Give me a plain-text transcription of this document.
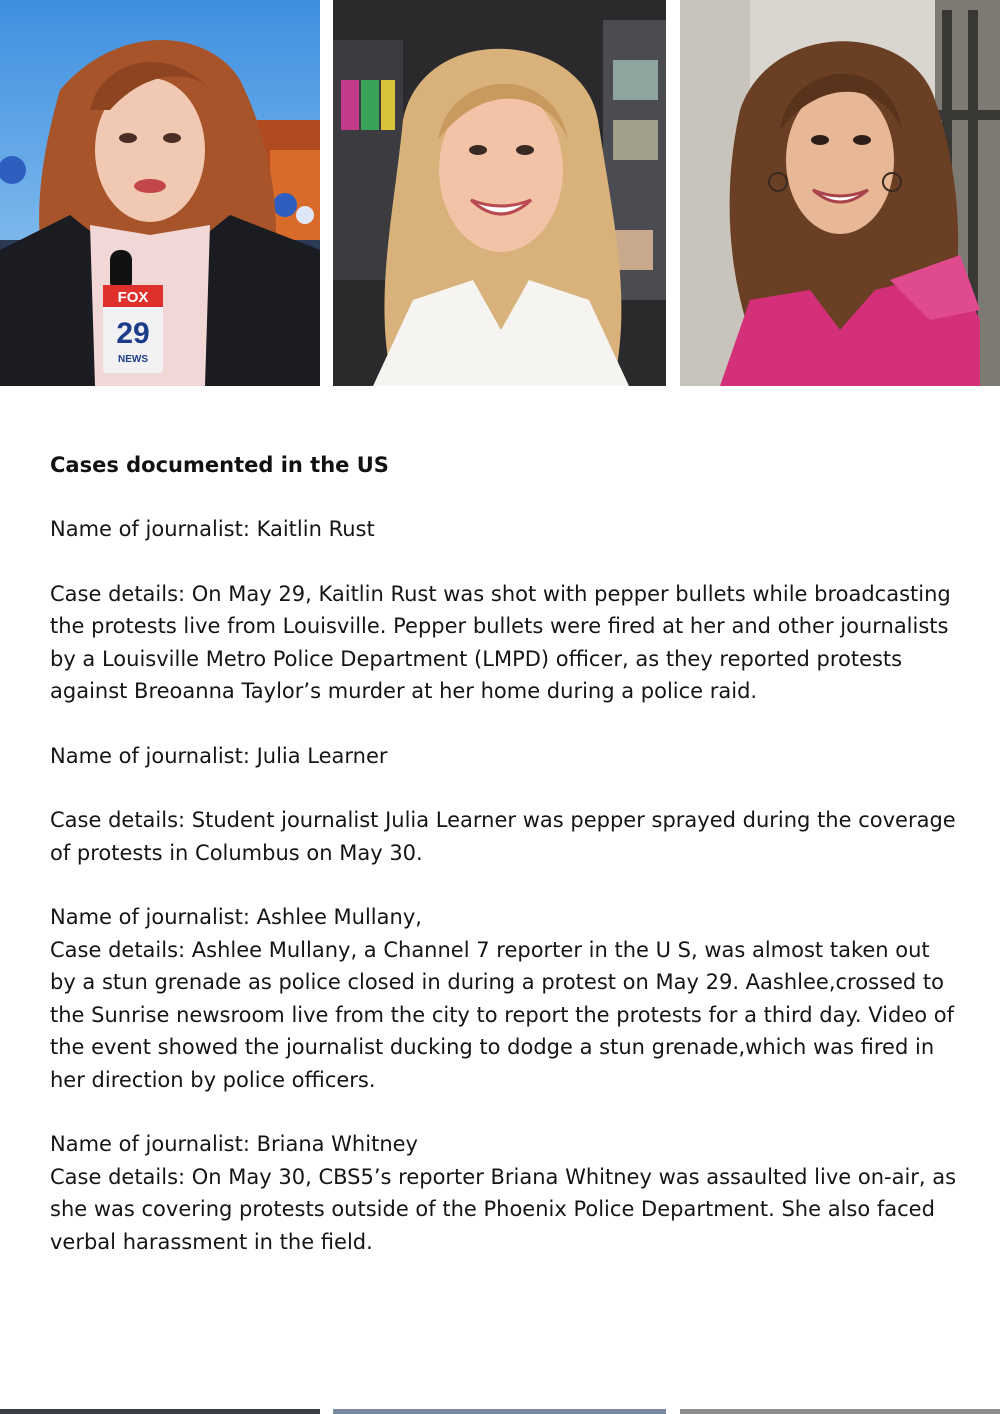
FOX
29
NEWS
Cases documented in the US

Name of journalist: Kaitlin Rust

Case details: On May 29, Kaitlin Rust was shot with pepper bullets while broadcasting the protests live from Louisville. Pepper bullets were fired at her and other journalists by a Louisville Metro Police Department (LMPD) officer, as they reported protests against Breoanna Taylor’s murder at her home during a police raid.

Name of journalist: Julia Learner

Case details: Student journalist Julia Learner was pepper sprayed during the coverage of protests in Columbus on May 30.

Name of journalist: Ashlee Mullany,

Case details: Ashlee Mullany, a Channel 7 reporter in the U S, was almost taken out by a stun grenade as police closed in during a protest on May 29. Aashlee,crossed to the Sunrise newsroom live from the city to report the protests for a third day. Video of the event showed the journalist ducking to dodge a stun grenade,which was fired in her direction by police officers.

Name of journalist: Briana Whitney

Case details: On May 30, CBS5’s reporter Briana Whitney was assaulted live on-air, as she was covering protests outside of the Phoenix Police Department. She also faced verbal harassment in the field.
